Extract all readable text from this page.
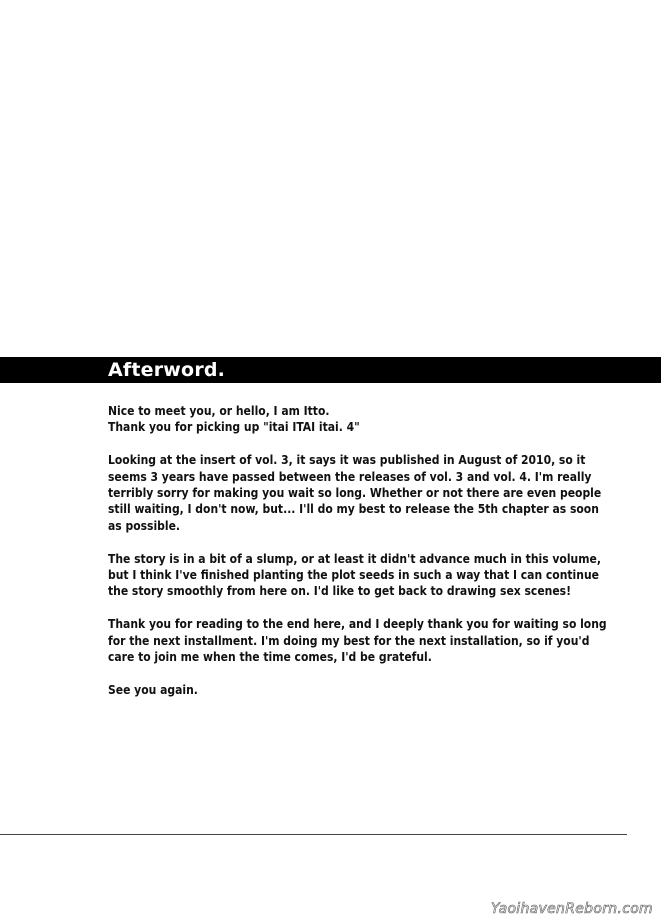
Afterword.

Nice to meet you, or hello, I am Itto.
Thank you for picking up "itai ITAI itai. 4"

Looking at the insert of vol. 3, it says it was published in August of 2010, so it
seems 3 years have passed between the releases of vol. 3 and vol. 4. I'm really
terribly sorry for making you wait so long. Whether or not there are even people
still waiting, I don't now, but... I'll do my best to release the 5th chapter as soon
as possible.

The story is in a bit of a slump, or at least it didn't advance much in this volume,
but I think I've finished planting the plot seeds in such a way that I can continue
the story smoothly from here on. I'd like to get back to drawing sex scenes!

Thank you for reading to the end here, and I deeply thank you for waiting so long
for the next installment. I'm doing my best for the next installation, so if you'd
care to join me when the time comes, I'd be grateful.

See you again.

YaoihavenReborn.com
